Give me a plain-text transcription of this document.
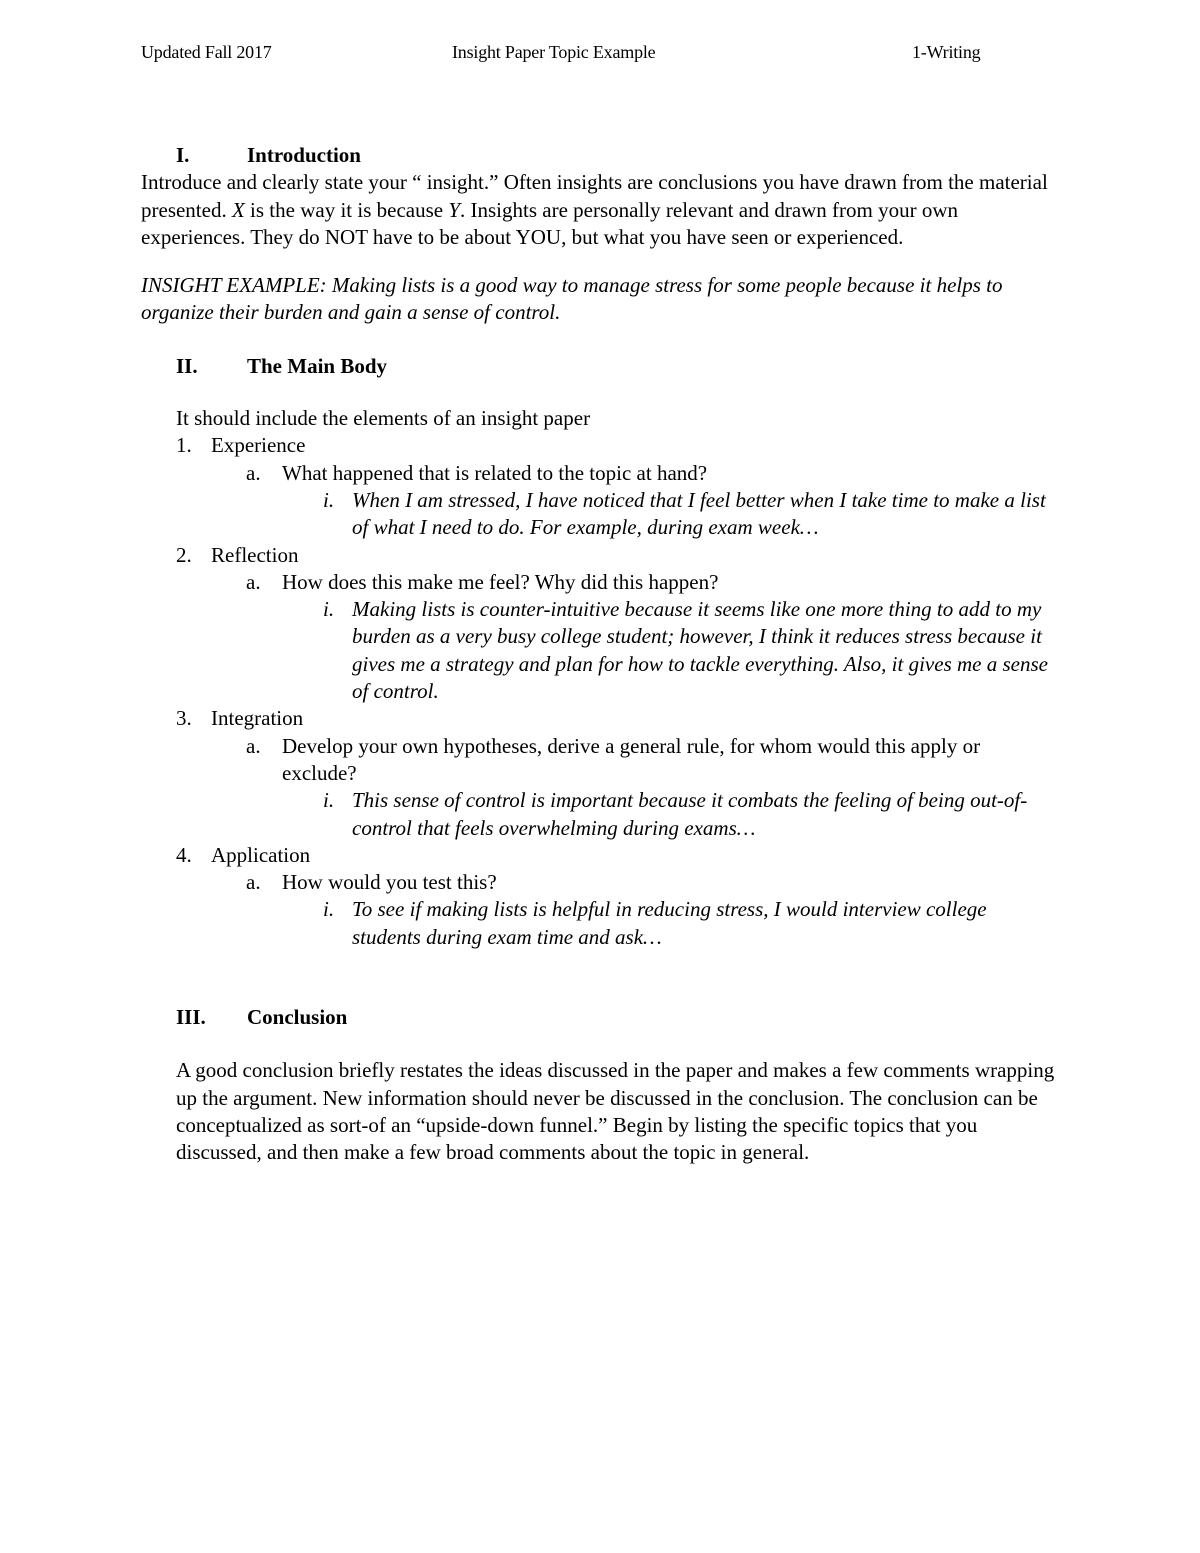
Updated Fall 2017	Insight Paper Topic Example	1-Writing
I.	Introduction

Introduce and clearly state your “ insight.” Often insights are conclusions you have drawn from the material presented. X is the way it is because Y. Insights are personally relevant and drawn from your own experiences. They do NOT have to be about YOU, but what you have seen or experienced.

INSIGHT EXAMPLE: Making lists is a good way to manage stress for some people because it helps to organize their burden and gain a sense of control.

II.	The Main Body

It should include the elements of an insight paper

1. Experience
a.	What happened that is related to the topic at hand?
i. When I am stressed, I have noticed that I feel better when I take time to make a list of what I need to do. For example, during exam week…
2. Reflection
a.	How does this make me feel? Why did this happen?
i. Making lists is counter-intuitive because it seems like one more thing to add to my burden as a very busy college student; however, I think it reduces stress because it gives me a strategy and plan for how to tackle everything. Also, it gives me a sense of control.
3. Integration
a.	Develop your own hypotheses, derive a general rule, for whom would this apply or exclude?
i. This sense of control is important because it combats the feeling of being out-of-control that feels overwhelming during exams…
4. Application
a.	How would you test this?
i. To see if making lists is helpful in reducing stress, I would interview college students during exam time and ask…
III.	Conclusion

A good conclusion briefly restates the ideas discussed in the paper and makes a few comments wrapping up the argument. New information should never be discussed in the conclusion. The conclusion can be conceptualized as sort-of an “upside-down funnel.” Begin by listing the specific topics that you discussed, and then make a few broad comments about the topic in general.
